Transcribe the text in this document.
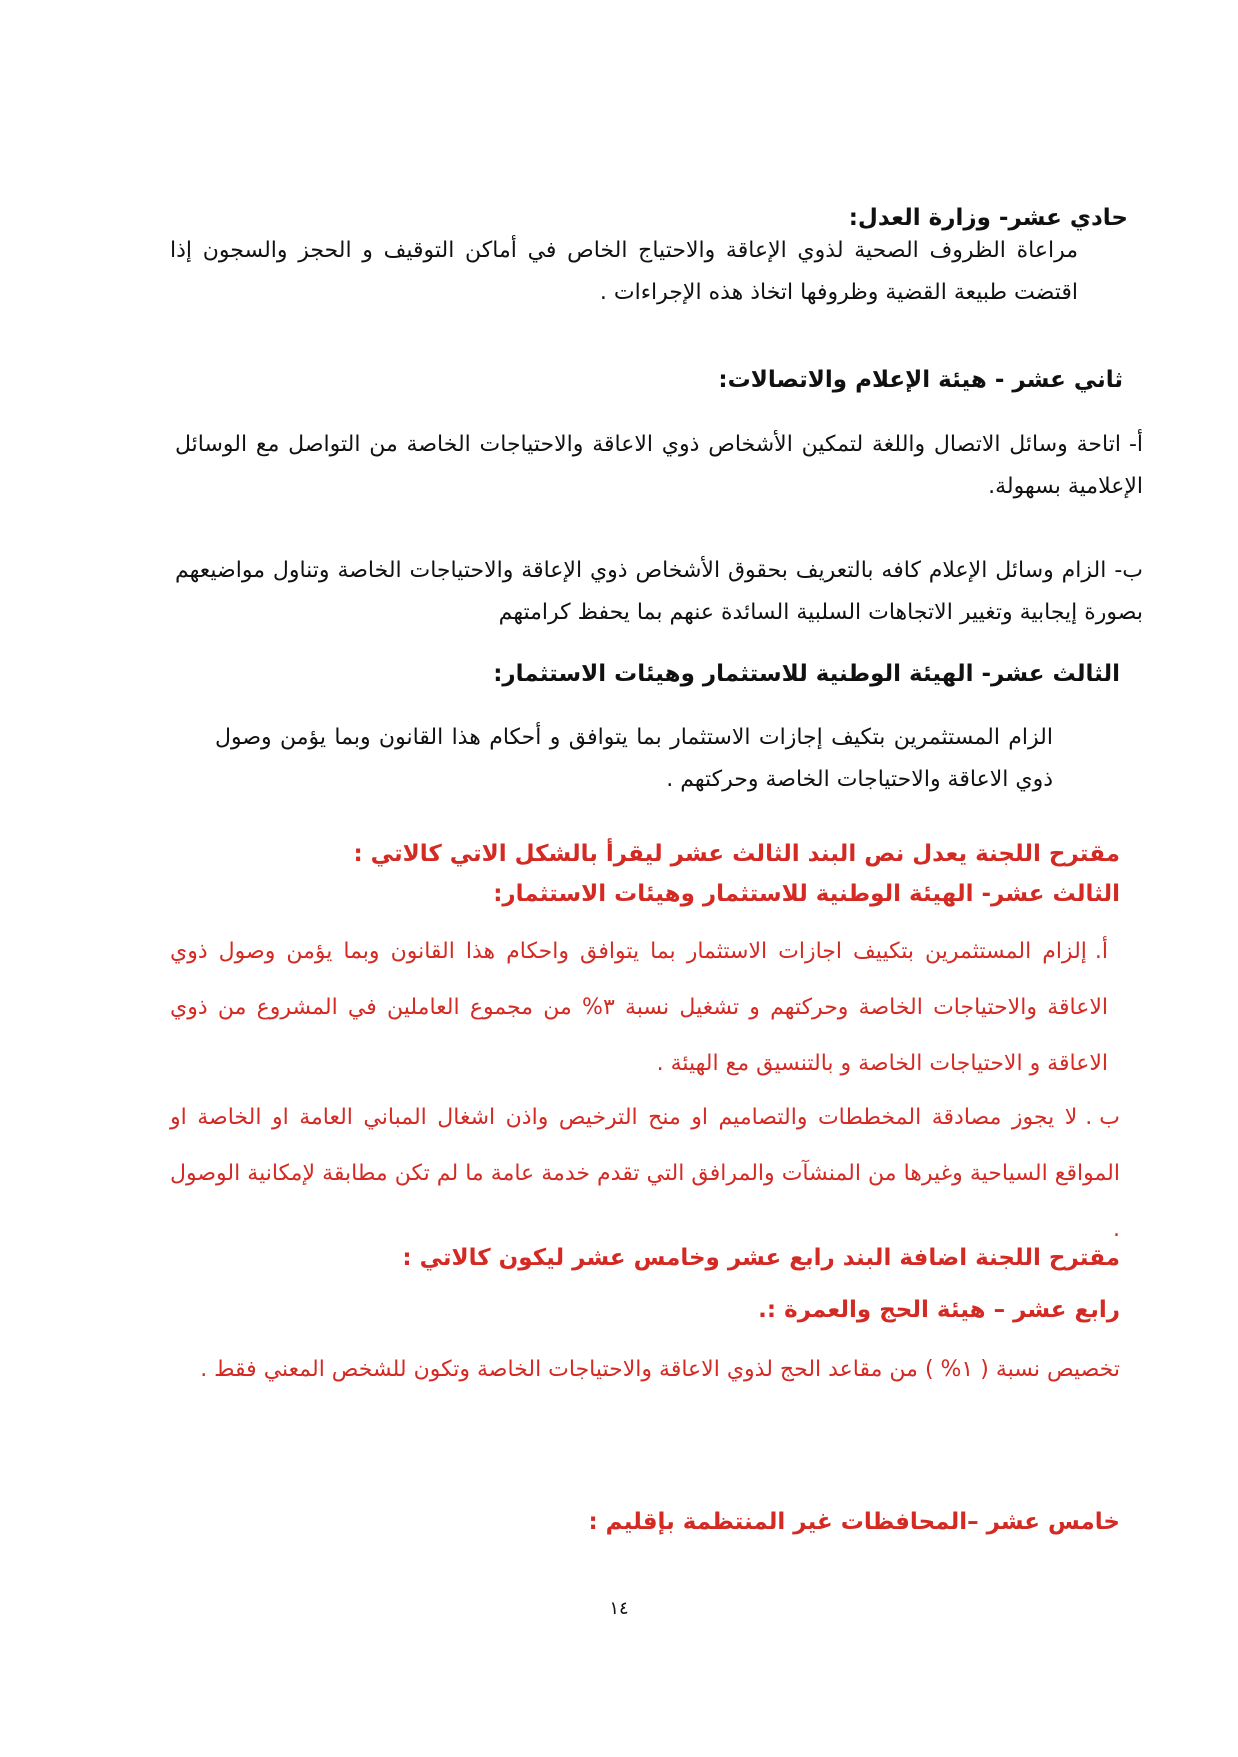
حادي عشر- وزارة العدل:
مراعاة الظروف الصحية لذوي الإعاقة والاحتياج الخاص في أماكن التوقيف و الحجز والسجون إذا اقتضت طبيعة القضية وظروفها اتخاذ هذه الإجراءات .
ثاني عشر - هيئة الإعلام والاتصالات:
أ-اتاحة وسائل الاتصال واللغة لتمكين الأشخاص ذوي الاعاقة والاحتياجات الخاصة من التواصل مع الوسائل الإعلامية بسهولة.
ب-الزام وسائل الإعلام كافه بالتعريف بحقوق الأشخاص ذوي الإعاقة والاحتياجات الخاصة وتناول مواضيعهم بصورة إيجابية وتغيير الاتجاهات السلبية السائدة عنهم بما يحفظ كرامتهم
الثالث عشر- الهيئة الوطنية للاستثمار وهيئات الاستثمار:
الزام المستثمرين بتكيف إجازات الاستثمار بما يتوافق و أحكام هذا القانون وبما يؤمن وصول ذوي الاعاقة والاحتياجات الخاصة وحركتهم .
مقترح اللجنة يعدل نص البند الثالث عشر ليقرأ بالشكل الاتي كالاتي :
الثالث عشر- الهيئة الوطنية للاستثمار وهيئات الاستثمار:
أ.إلزام المستثمرين بتكييف اجازات الاستثمار بما يتوافق واحكام هذا القانون وبما يؤمن وصول ذوي الاعاقة والاحتياجات الخاصة وحركتهم و تشغيل نسبة ٣% من مجموع العاملين في المشروع من ذوي الاعاقة و الاحتياجات الخاصة و بالتنسيق مع الهيئة .
ب .لا يجوز مصادقة المخططات والتصاميم او منح الترخيص واذن اشغال المباني العامة او الخاصة او المواقع السياحية وغيرها من المنشآت والمرافق التي تقدم خدمة عامة ما لم تكن مطابقة لإمكانية الوصول .
مقترح اللجنة اضافة البند رابع عشر وخامس عشر ليكون كالاتي :
رابع عشر – هيئة الحج والعمرة :.
تخصيص نسبة ( ١% ) من مقاعد الحج لذوي الاعاقة والاحتياجات الخاصة وتكون للشخص المعني فقط .
خامس عشر –المحافظات غير المنتظمة بإقليم :
١٤
